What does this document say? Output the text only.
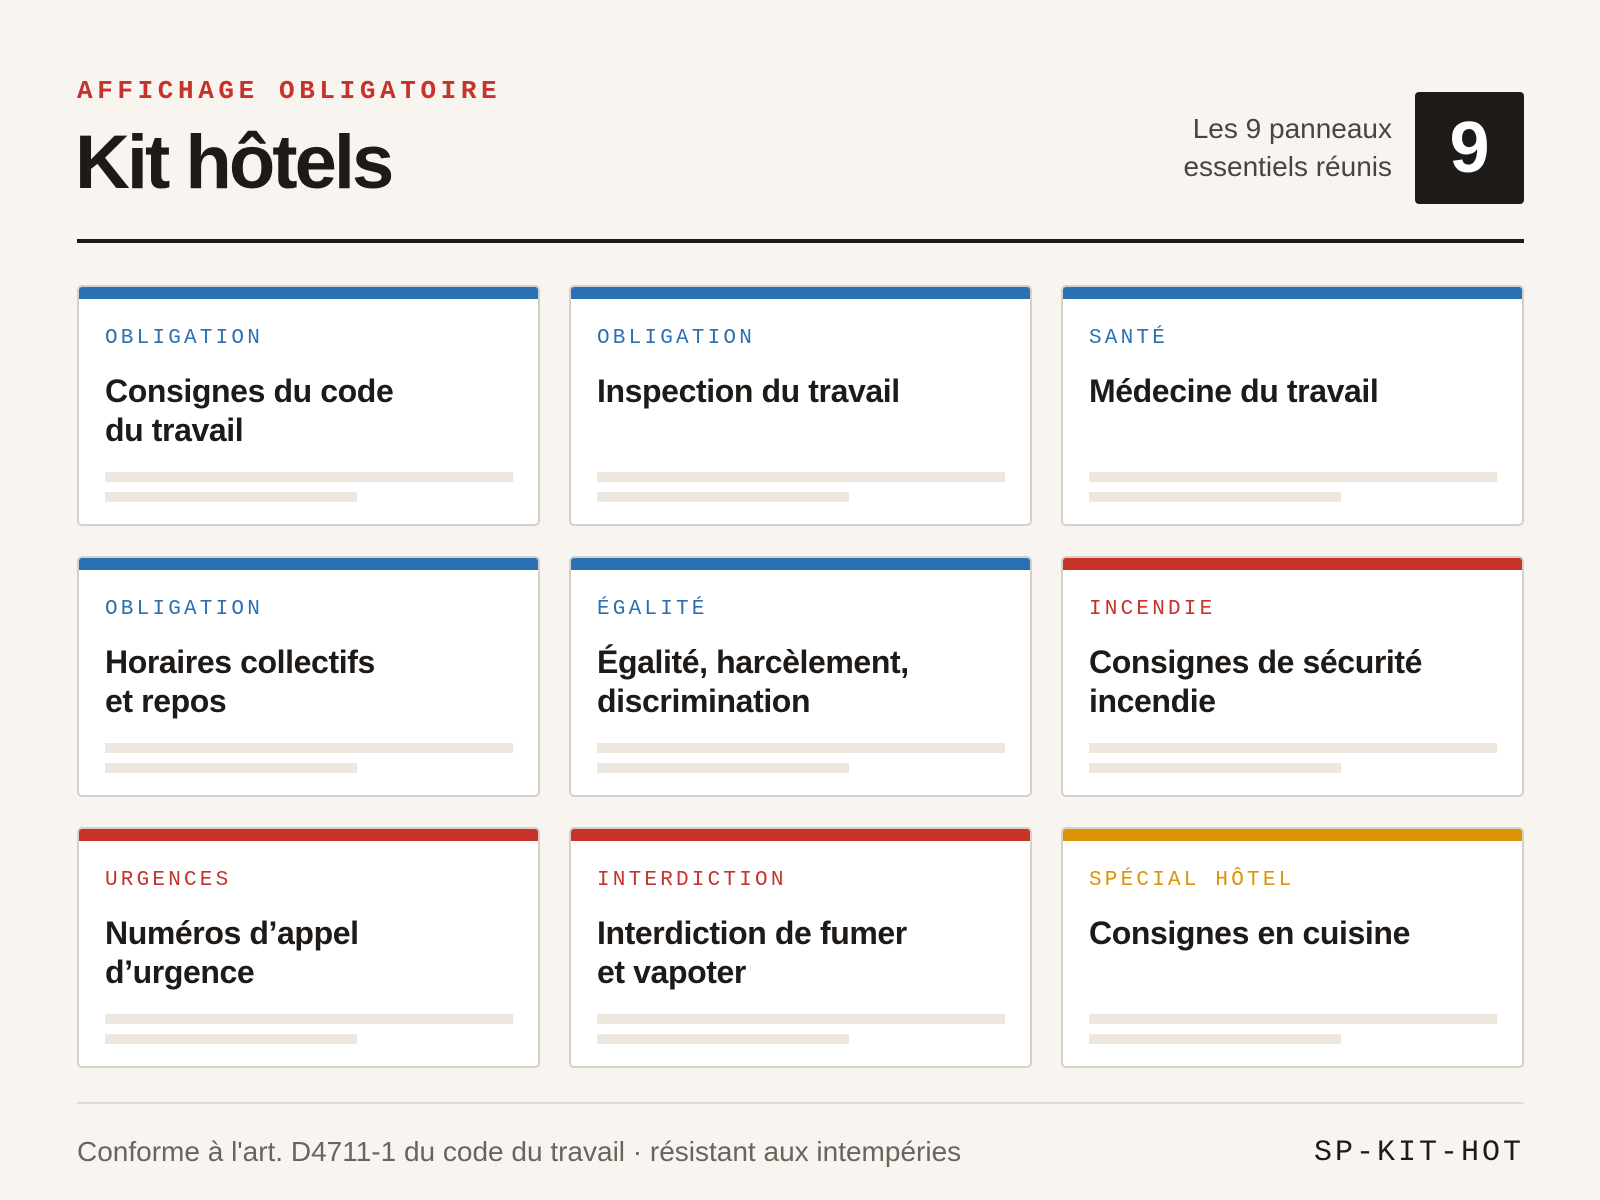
AFFICHAGE OBLIGATOIRE
Kit hôtels	Les 9 panneaux
essentiels réunis 9
OBLIGATION
Consignes du code
du travail
OBLIGATION
Inspection du travail
SANTÉ
Médecine du travail
OBLIGATION
Horaires collectifs
et repos
ÉGALITÉ
Égalité, harcèlement,
discrimination
INCENDIE
Consignes de sécurité
incendie
URGENCES
Numéros d’appel
d’urgence
INTERDICTION
Interdiction de fumer
et vapoter
SPÉCIAL HÔTEL
Consignes en cuisine
Conforme à l'art. D4711-1 du code du travail · résistant aux intempéries	SP-KIT-HOT
